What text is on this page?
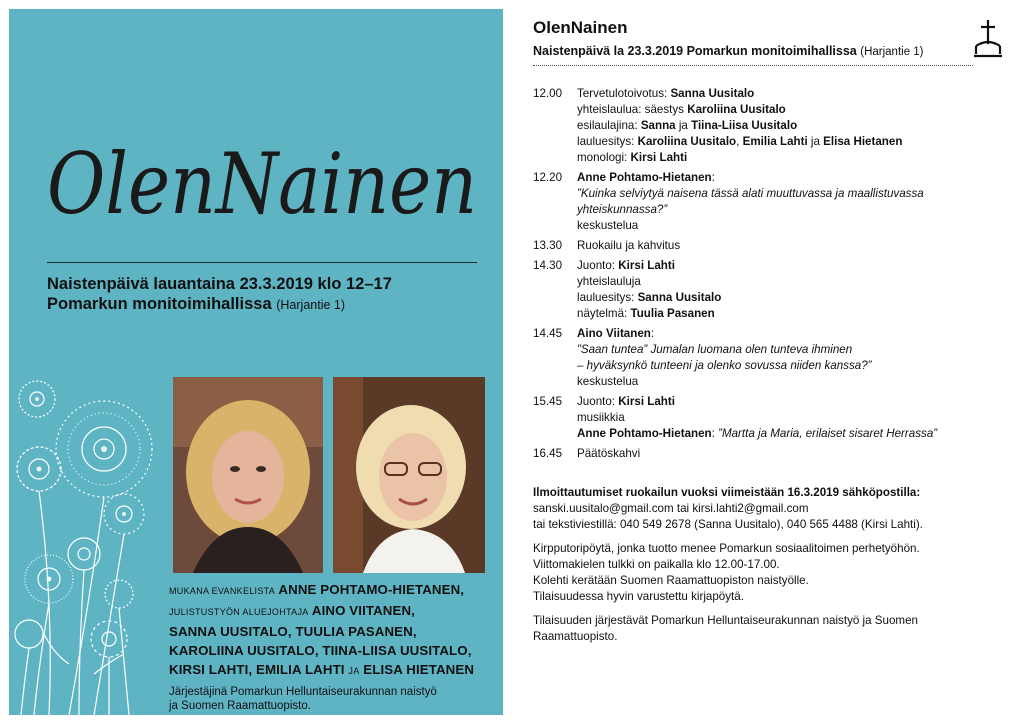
OlenNainen
Naistenpäivä lauantaina 23.3.2019 klo 12–17
Pomarkun monitoimihallissa (Harjantie 1)
MUKANA EVANKELISTA ANNE POHTAMO-HIETANEN,
JULISTUSTYÖN ALUEJOHTAJA AINO VIITANEN,
SANNA UUSITALO, TUULIA PASANEN,
KAROLIINA UUSITALO, TIINA-LIISA UUSITALO,
KIRSI LAHTI, EMILIA LAHTI JA ELISA HIETANEN
Järjestäjinä Pomarkun Helluntaiseurakunnan naistyö
ja Suomen Raamattuopisto.
OlenNainen
Naistenpäivä la 23.3.2019 Pomarkun monitoimihallissa (Harjantie 1)
12.00	Tervetulotoivotus: Sanna Uusitalo
yhteislaulua: säestys Karoliina Uusitalo
esilaulajina: Sanna ja Tiina-Liisa Uusitalo
lauluesitys: Karoliina Uusitalo, Emilia Lahti ja Elisa Hietanen
monologi: Kirsi Lahti
12.20	Anne Pohtamo-Hietanen:
”Kuinka selviytyä naisena tässä alati muuttuvassa ja maallistuvassa
yhteiskunnassa?”
keskustelua
13.30	Ruokailu ja kahvitus
14.30	Juonto: Kirsi Lahti
yhteislauluja
lauluesitys: Sanna Uusitalo
näytelmä: Tuulia Pasanen
14.45	Aino Viitanen:
”Saan tuntea” Jumalan luomana olen tunteva ihminen
– hyväksynkö tunteeni ja olenko sovussa niiden kanssa?”
keskustelua
15.45	Juonto: Kirsi Lahti
musiikkia
Anne Pohtamo-Hietanen: ”Martta ja Maria, erilaiset sisaret Herrassa”
16.45	Päätöskahvi
Ilmoittautumiset ruokailun vuoksi viimeistään 16.3.2019 sähköpostilla:
sanski.uusitalo@gmail.com tai kirsi.lahti2@gmail.com
tai tekstiviestillä: 040 549 2678 (Sanna Uusitalo), 040 565 4488 (Kirsi Lahti).
Kirpputoripöytä, jonka tuotto menee Pomarkun sosiaalitoimen perhetyöhön.
Viittomakielen tulkki on paikalla klo 12.00-17.00.
Kolehti kerätään Suomen Raamattuopiston naistyölle.
Tilaisuudessa hyvin varustettu kirjapöytä.
Tilaisuuden järjestävät Pomarkun Helluntaiseurakunnan naistyö ja Suomen
Raamattuopisto.
